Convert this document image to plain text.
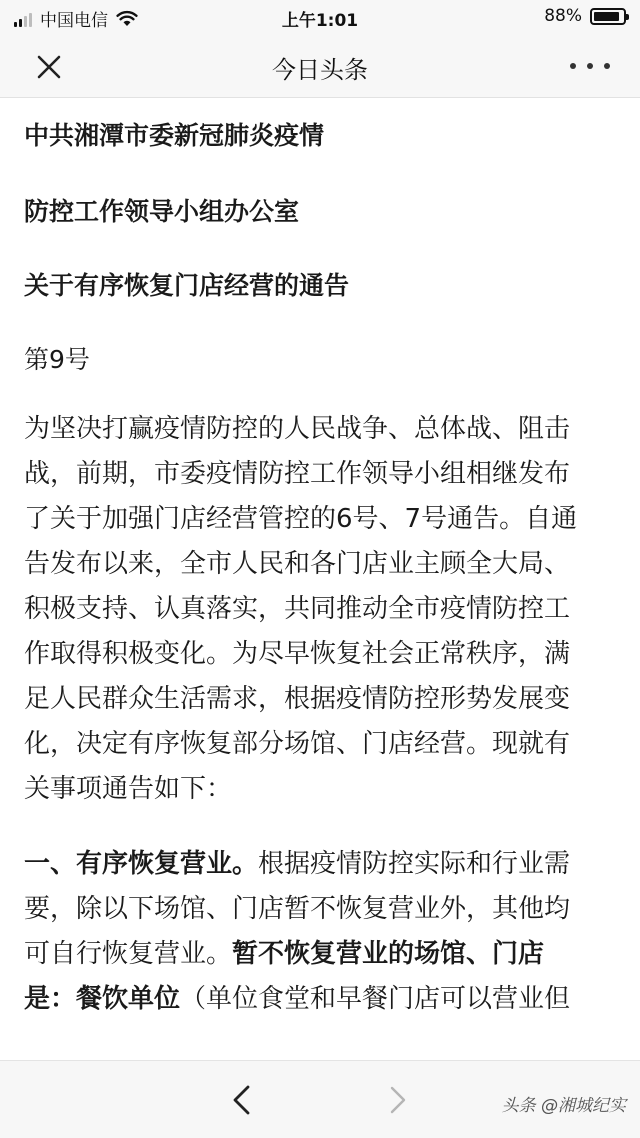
中国电信	上午1:01	88%
今日头条
中共湘潭市委新冠肺炎疫情
防控工作领导小组办公室
关于有序恢复门店经营的通告
第9号
为坚决打赢疫情防控的人民战争、总体战、阻击
战，前期，市委疫情防控工作领导小组相继发布
了关于加强门店经营管控的6号、7号通告。自通
告发布以来，全市人民和各门店业主顾全大局、
积极支持、认真落实，共同推动全市疫情防控工
作取得积极变化。为尽早恢复社会正常秩序，满
足人民群众生活需求，根据疫情防控形势发展变
化，决定有序恢复部分场馆、门店经营。现就有
关事项通告如下：
一、有序恢复营业。根据疫情防控实际和行业需
要，除以下场馆、门店暂不恢复营业外，其他均
可自行恢复营业。暂不恢复营业的场馆、门店
是：餐饮单位（单位食堂和早餐门店可以营业但
头条 @湘城纪实
